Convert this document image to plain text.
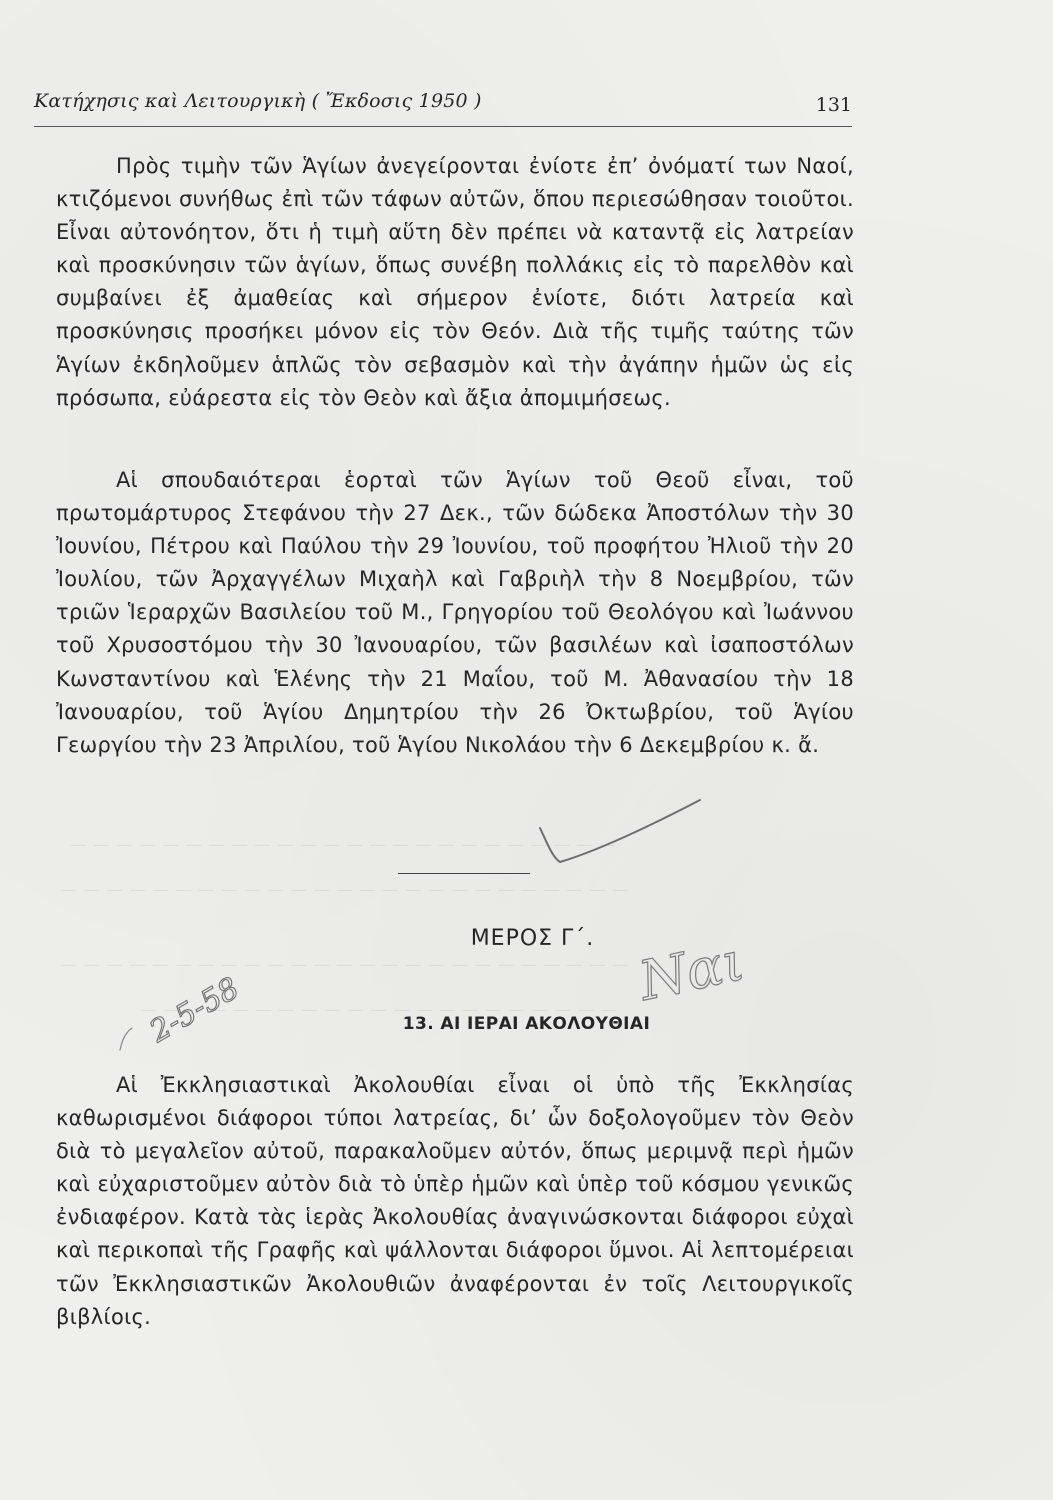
— — — — — — — — — — — — — — — — — — — — — — — —
— — — — — — — — — — — — — — — — — — — — — — — — —
— — — — — — — — — — — — — — — — — — — — — — — — —
— — — — — — — — — — — — — — — — — — — — —
Κατήχησις καὶ Λειτουργικὴ ( Ἔκδοσις 1950 )	131

Πρὸς τιμὴν τῶν Ἁγίων ἀνεγείρονται ἐνίοτε ἐπ’ ὀνόματί των Ναοί, κτιζόμενοι συνήθως ἐπὶ τῶν τάφων αὐτῶν, ὅπου περιεσώθησαν τοιοῦτοι. Εἶναι αὐτονόητον, ὅτι ἡ τιμὴ αὕτη δὲν πρέπει νὰ καταντᾷ εἰς λατρείαν καὶ προσκύνησιν τῶν ἁγίων, ὅπως συνέβη πολλάκις εἰς τὸ παρελθὸν καὶ συμβαίνει ἐξ ἀμαθείας καὶ σήμερον ἐνίοτε, διότι λατρεία καὶ προσκύνησις προσήκει μόνον εἰς τὸν Θεόν. Διὰ τῆς τιμῆς ταύτης τῶν Ἁγίων ἐκδηλοῦμεν ἁπλῶς τὸν σεβασμὸν καὶ τὴν ἀγάπην ἡμῶν ὡς εἰς πρόσωπα, εὐάρεστα εἰς τὸν Θεὸν καὶ ἄξια ἀπομιμήσεως.

Αἱ σπουδαιότεραι ἑορταὶ τῶν Ἁγίων τοῦ Θεοῦ εἶναι, τοῦ πρωτομάρτυρος Στεφάνου τὴν 27 Δεκ., τῶν δώδεκα Ἀποστόλων τὴν 30 Ἰουνίου, Πέτρου καὶ Παύλου τὴν 29 Ἰουνίου, τοῦ προφήτου Ἠλιοῦ τὴν 20 Ἰουλίου, τῶν Ἀρχαγγέλων Μιχαὴλ καὶ Γαβριὴλ τὴν 8 Νοεμβρίου, τῶν τριῶν Ἱεραρχῶν Βασιλείου τοῦ Μ., Γρηγορίου τοῦ Θεολόγου καὶ Ἰωάννου τοῦ Χρυσοστόμου τὴν 30 Ἰανουαρίου, τῶν βασιλέων καὶ ἰσαποστόλων Κωνσταντίνου καὶ Ἑλένης τὴν 21 Μαΐου, τοῦ Μ. Ἀθανασίου τὴν 18 Ἰανουαρίου, τοῦ Ἁγίου Δημητρίου τὴν 26 Ὀκτωβρίου, τοῦ Ἁγίου Γεωργίου τὴν 23 Ἀπριλίου, τοῦ Ἁγίου Νικολάου τὴν 6 Δεκεμβρίου κ. ἄ.

ΜΕΡΟΣ Γ΄.
13. ΑΙ ΙΕΡΑΙ ΑΚΟΛΟΥΘΙΑΙ

Αἱ Ἐκκλησιαστικαὶ Ἀκολουθίαι εἶναι οἱ ὑπὸ τῆς Ἐκκλησίας καθωρισμένοι διάφοροι τύποι λατρείας, δι’ ὧν δοξολογοῦμεν τὸν Θεὸν διὰ τὸ μεγαλεῖον αὐτοῦ, παρακαλοῦμεν αὐτόν, ὅπως μεριμνᾷ περὶ ἡμῶν καὶ εὐχαριστοῦμεν αὐτὸν διὰ τὸ ὑπὲρ ἡμῶν καὶ ὑπὲρ τοῦ κόσμου γενικῶς ἐνδιαφέρον. Κατὰ τὰς ἱερὰς Ἀκολουθίας ἀναγινώσκονται διάφοροι εὐχαὶ καὶ περικοπαὶ τῆς Γραφῆς καὶ ψάλλονται διάφοροι ὕμνοι. Αἱ λεπτομέρειαι τῶν Ἐκκλησιαστικῶν Ἀκολουθιῶν ἀναφέρονται ἐν τοῖς Λειτουργικοῖς βιβλίοις.

2-5-58	Ναι
